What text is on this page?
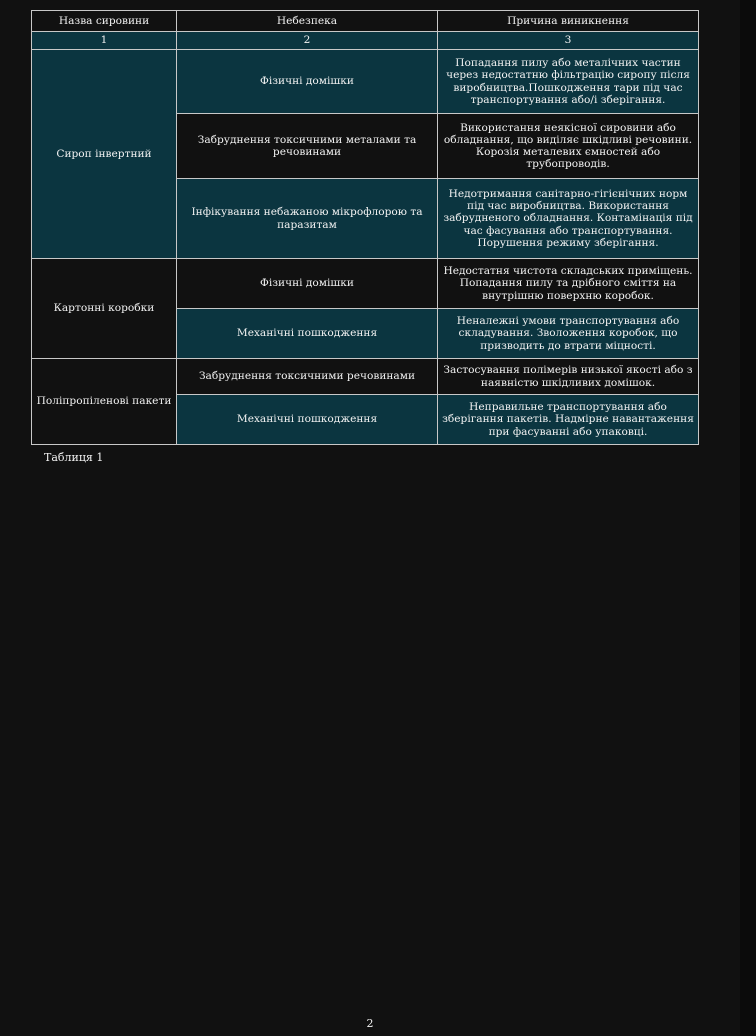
Назва сировини	Небезпека	Причина виникнення
1	2	3
Сироп інвертний	Фізичні домішки	Попадання пилу або металічних частин через недостатню фільтрацію сиропу після виробництва.Пошкодження тари під час транспортування або/і зберігання.
	Забруднення токсичними металами та речовинами	Використання неякісної сировини або обладнання, що виділяє шкідливі речовини. Корозія металевих ємностей або трубопроводів.
	Інфікування небажаною мікрофлорою та паразитам	Недотримання санітарно-гігієнічних норм під час виробництва. Використання забрудненого обладнання. Контамінація під час фасування або транспортування. Порушення режиму зберігання.
Картонні коробки	Фізичні домішки	Недостатня чистота складських приміщень. Попадання пилу та дрібного сміття на внутрішню поверхню коробок.
	Механічні пошкодження	Неналежні умови транспортування або складування. Зволоження коробок, що призводить до втрати міцності.
Поліпропіленові пакети	Забруднення токсичними речовинами	Застосування полімерів низької якості або з наявністю шкідливих домішок.
	Механічні пошкодження	Неправильне транспортування або зберігання пакетів. Надмірне навантаження при фасуванні або упаковці.
Таблиця 1
2
